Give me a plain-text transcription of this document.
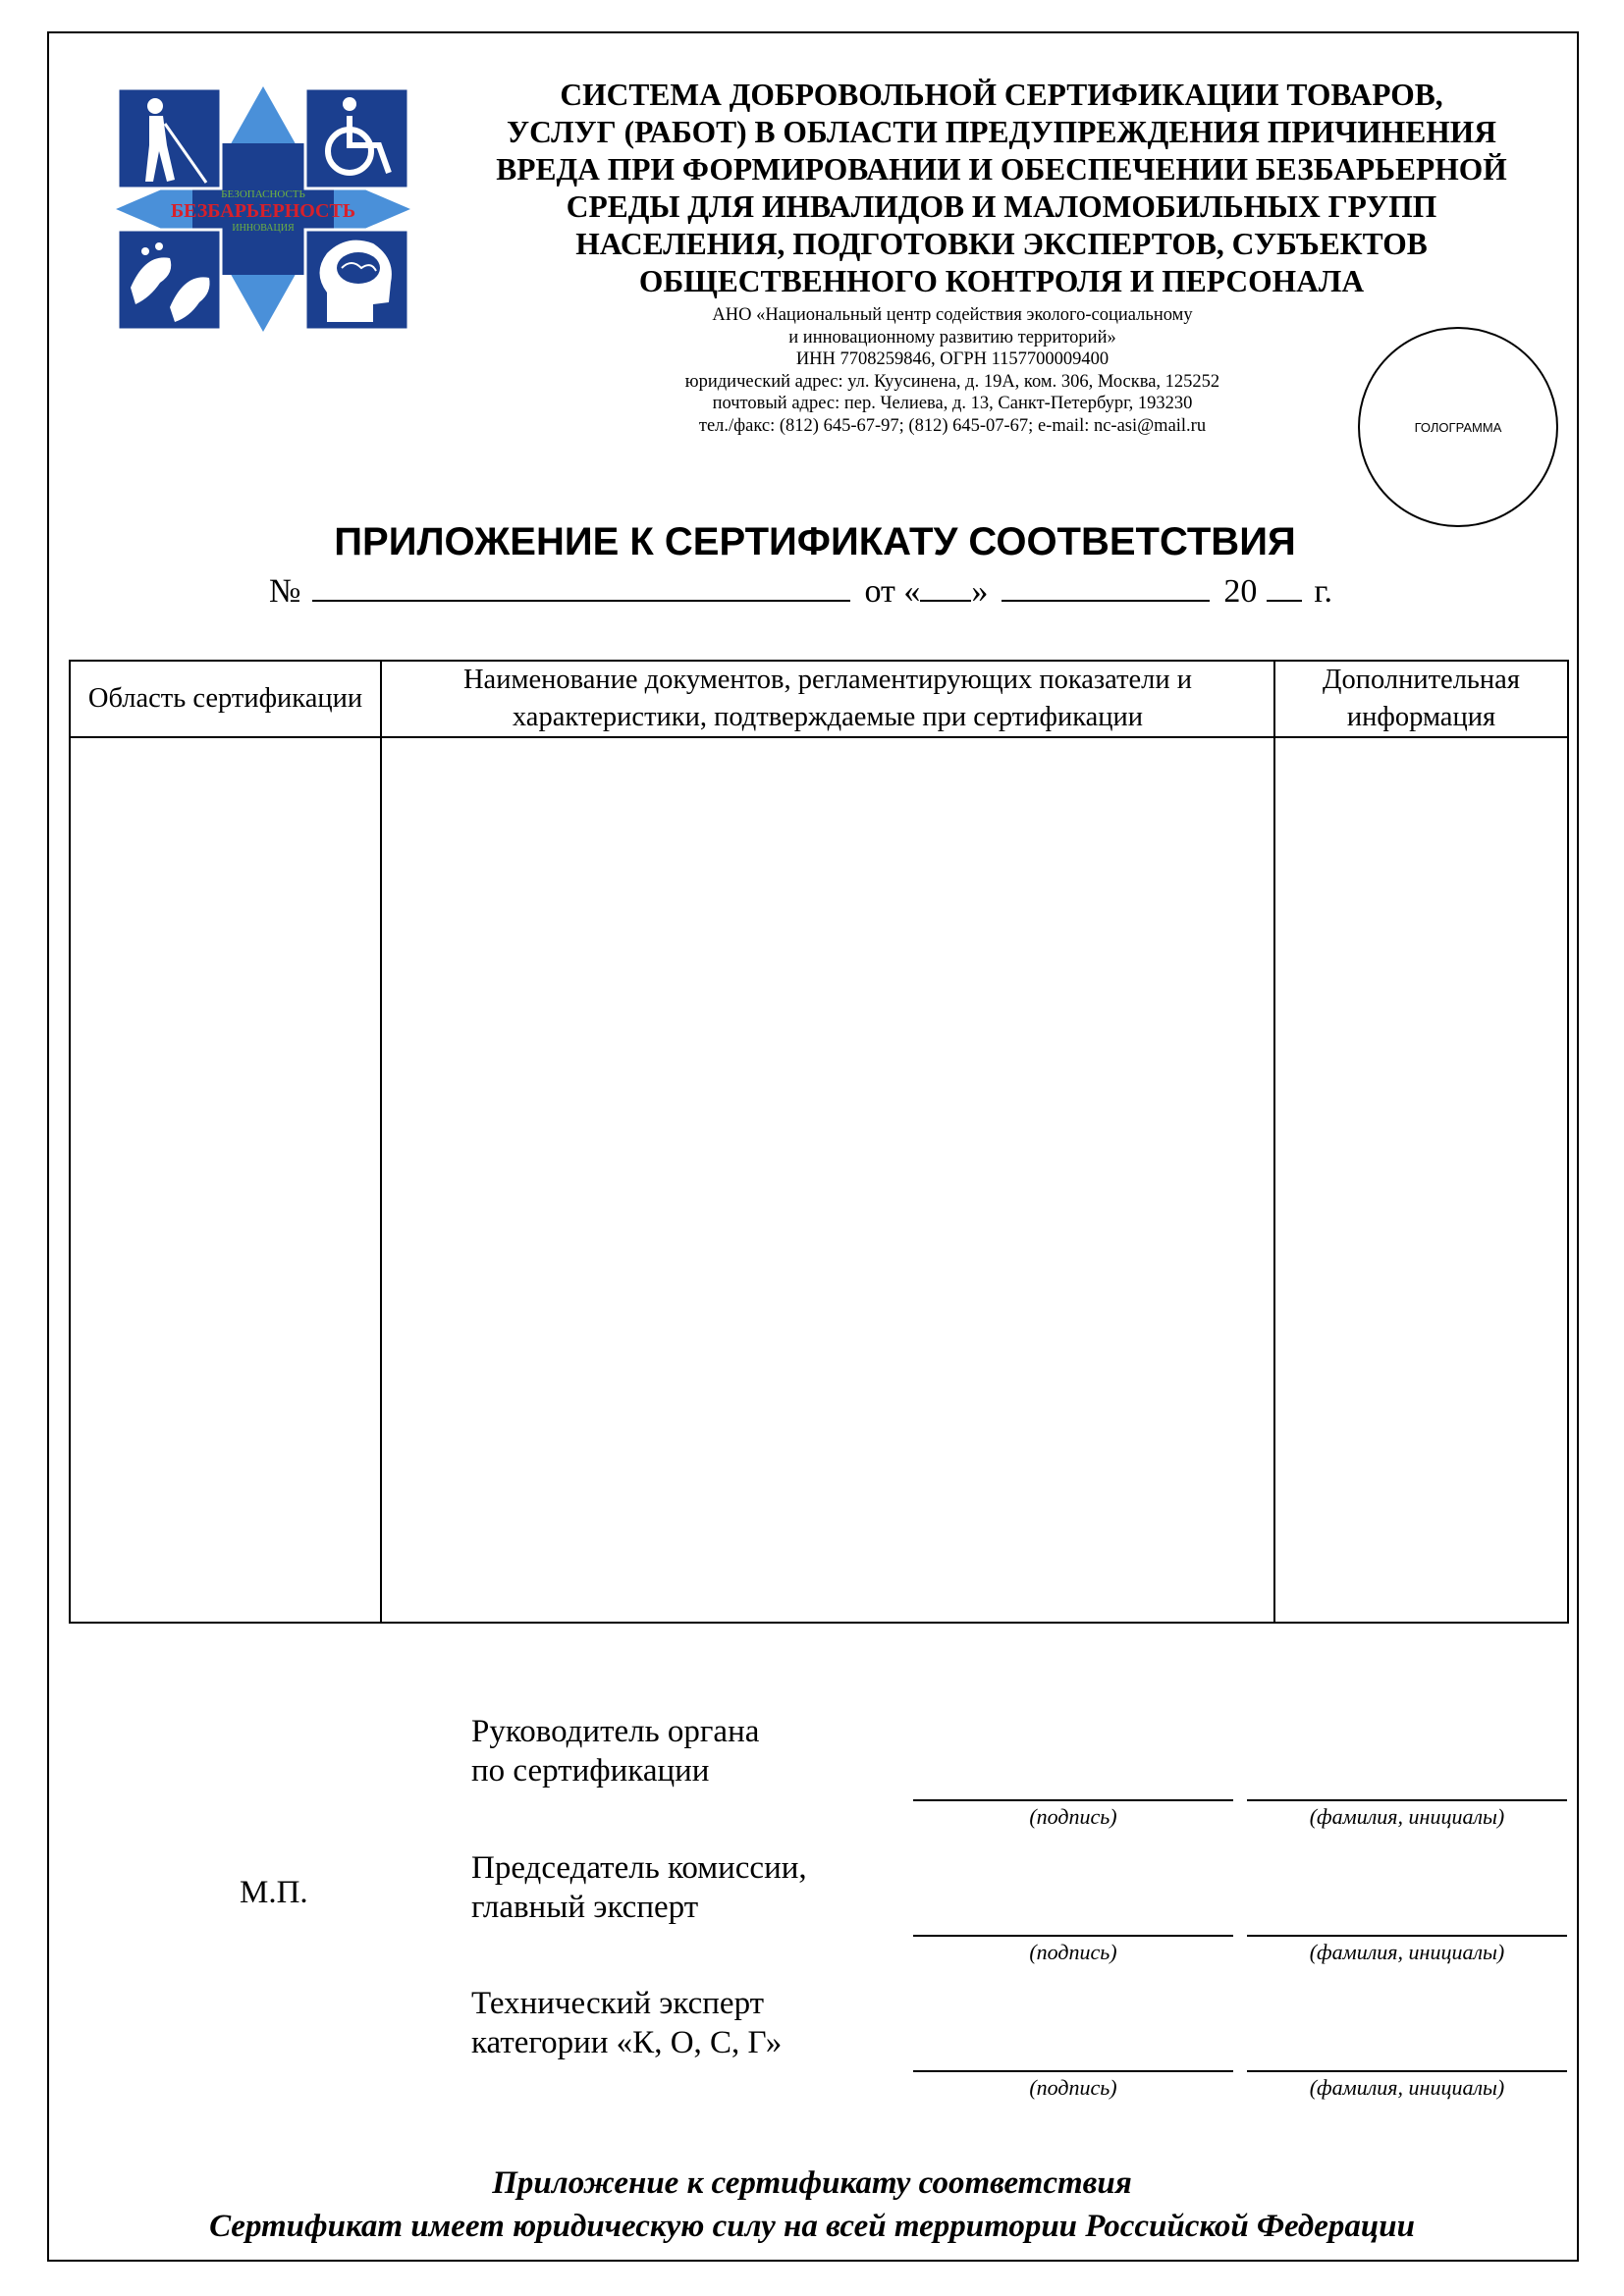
БЕЗОПАСНОСТЬ
БЕЗБАРЬЕРНОСТЬ
ИННОВАЦИЯ
СИСТЕМА ДОБРОВОЛЬНОЙ СЕРТИФИКАЦИИ ТОВАРОВ,
УСЛУГ (РАБОТ) В ОБЛАСТИ ПРЕДУПРЕЖДЕНИЯ ПРИЧИНЕНИЯ
ВРЕДА ПРИ ФОРМИРОВАНИИ И ОБЕСПЕЧЕНИИ БЕЗБАРЬЕРНОЙ
СРЕДЫ ДЛЯ ИНВАЛИДОВ И МАЛОМОБИЛЬНЫХ ГРУПП
НАСЕЛЕНИЯ, ПОДГОТОВКИ ЭКСПЕРТОВ, СУБЪЕКТОВ
ОБЩЕСТВЕННОГО КОНТРОЛЯ И ПЕРСОНАЛА
АНО «Национальный центр содействия эколого-социальному
и инновационному развитию территорий»
ИНН 7708259846, ОГРН 1157700009400
юридический адрес: ул. Куусинена, д. 19А, ком. 306, Москва, 125252
почтовый адрес: пер. Челиева, д. 13, Санкт-Петербург, 193230
тел./факс: (812) 645-67-97; (812) 645-07-67; e-mail: nc-asi@mail.ru	ГОЛОГРАММА
ПРИЛОЖЕНИЕ К СЕРТИФИКАТУ СООТВЕТСТВИЯ
№	от « »	20 г.
Область сертификации	Наименование документов, регламентирующих показатели и характеристики, подтверждаемые при сертификации	Дополнительная информация

М.П.
Руководитель органа
по сертификации
(подпись)	(фамилия, инициалы)
Председатель комиссии,
главный эксперт
(подпись)	(фамилия, инициалы)
Технический эксперт
категории «К, О, С, Г»
(подпись)	(фамилия, инициалы)
Приложение к сертификату соответствия
Сертификат имеет юридическую силу на всей территории Российской Федерации
